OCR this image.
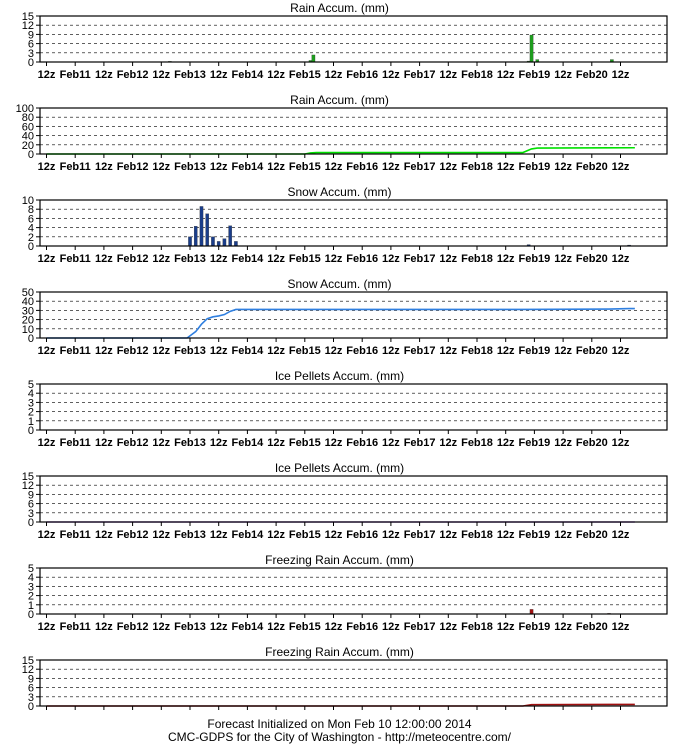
Rain Accum. (mm)
0
3
6
9
12
15
12z Feb11 12z Feb12 12z Feb13 12z Feb14 12z Feb15 12z Feb16 12z Feb17 12z Feb18 12z Feb19 12z Feb20 12z
Rain Accum. (mm)
0
20
40
60
80
100
12z Feb11 12z Feb12 12z Feb13 12z Feb14 12z Feb15 12z Feb16 12z Feb17 12z Feb18 12z Feb19 12z Feb20 12z
Snow Accum. (mm)
0
2
4
6
8
10
12z Feb11 12z Feb12 12z Feb13 12z Feb14 12z Feb15 12z Feb16 12z Feb17 12z Feb18 12z Feb19 12z Feb20 12z
Snow Accum. (mm)
0
10
20
30
40
50
12z Feb11 12z Feb12 12z Feb13 12z Feb14 12z Feb15 12z Feb16 12z Feb17 12z Feb18 12z Feb19 12z Feb20 12z
Ice Pellets Accum. (mm)
0
1
2
3
4
5
12z Feb11 12z Feb12 12z Feb13 12z Feb14 12z Feb15 12z Feb16 12z Feb17 12z Feb18 12z Feb19 12z Feb20 12z
Ice Pellets Accum. (mm)
0
3
6
9
12
15
12z Feb11 12z Feb12 12z Feb13 12z Feb14 12z Feb15 12z Feb16 12z Feb17 12z Feb18 12z Feb19 12z Feb20 12z
Freezing Rain Accum. (mm)
0
1
2
3
4
5
12z Feb11 12z Feb12 12z Feb13 12z Feb14 12z Feb15 12z Feb16 12z Feb17 12z Feb18 12z Feb19 12z Feb20 12z
Freezing Rain Accum. (mm)
0
3
6
9
12
15
Forecast Initialized on Mon Feb 10 12:00:00 2014
CMC-GDPS for the City of Washington - http://meteocentre.com/
